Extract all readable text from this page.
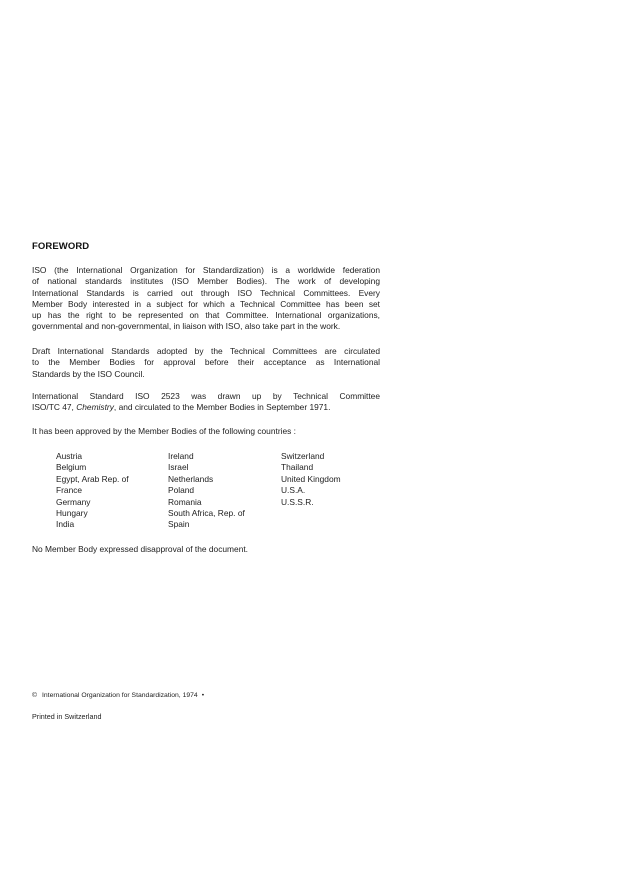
FOREWORD
ISO (the International Organization for Standardization) is a worldwide federation
of national standards institutes (ISO Member Bodies). The work of developing
International Standards is carried out through ISO Technical Committees. Every
Member Body interested in a subject for which a Technical Committee has been set
up has the right to be represented on that Committee. International organizations,
governmental and non-governmental, in liaison with ISO, also take part in the work.
Draft International Standards adopted by the Technical Committees are circulated
to the Member Bodies for approval before their acceptance as International
Standards by the ISO Council.
International Standard ISO 2523 was drawn up by Technical Committee
ISO/TC 47, Chemistry, and circulated to the Member Bodies in September 1971.
It has been approved by the Member Bodies of the following countries :
Austria
Belgium
Egypt, Arab Rep. of
France
Germany
Hungary
India
Ireland
Israel
Netherlands
Poland
Romania
South Africa, Rep. of
Spain
Switzerland
Thailand
United Kingdom
U.S.A.
U.S.S.R.
No Member Body expressed disapproval of the document.
© International Organization for Standardization, 1974 •
Printed in Switzerland
